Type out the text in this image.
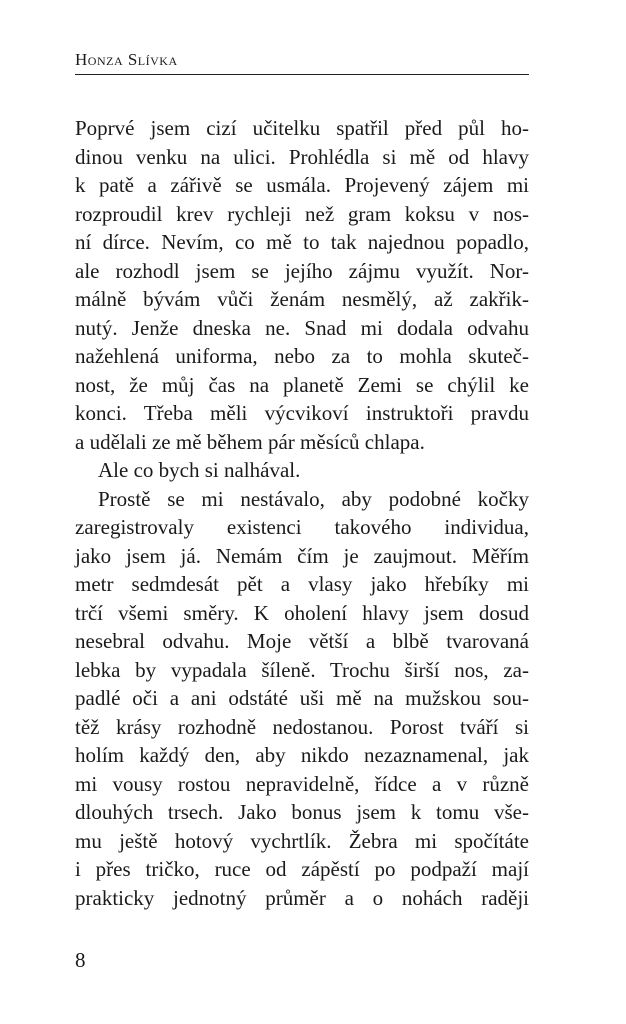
Honza Slívka
Poprvé jsem cizí učitelku spatřil před půl ho-
dinou venku na ulici. Prohlédla si mě od hlavy
k patě a zářivě se usmála. Projevený zájem mi
rozproudil krev rychleji než gram koksu v nos-
ní dírce. Nevím, co mě to tak najednou popadlo,
ale rozhodl jsem se jejího zájmu využít. Nor-
málně bývám vůči ženám nesmělý, až zakřik-
nutý. Jenže dneska ne. Snad mi dodala odvahu
nažehlená uniforma, nebo za to mohla skuteč-
nost, že můj čas na planetě Zemi se chýlil ke
konci. Třeba měli výcvikoví instruktoři pravdu
a udělali ze mě během pár měsíců chlapa.
Ale co bych si nalhával.
Prostě se mi nestávalo, aby podobné kočky
zaregistrovaly existenci takového individua,
jako jsem já. Nemám čím je zaujmout. Měřím
metr sedmdesát pět a vlasy jako hřebíky mi
trčí všemi směry. K oholení hlavy jsem dosud
nesebral odvahu. Moje větší a blbě tvarovaná
lebka by vypadala šíleně. Trochu širší nos, za-
padlé oči a ani odstáté uši mě na mužskou sou-
těž krásy rozhodně nedostanou. Porost tváří si
holím každý den, aby nikdo nezaznamenal, jak
mi vousy rostou nepravidelně, řídce a v různě
dlouhých trsech. Jako bonus jsem k tomu vše-
mu ještě hotový vychrtlík. Žebra mi spočítáte
i přes tričko, ruce od zápěstí po podpaží mají
prakticky jednotný průměr a o nohách raději
8
